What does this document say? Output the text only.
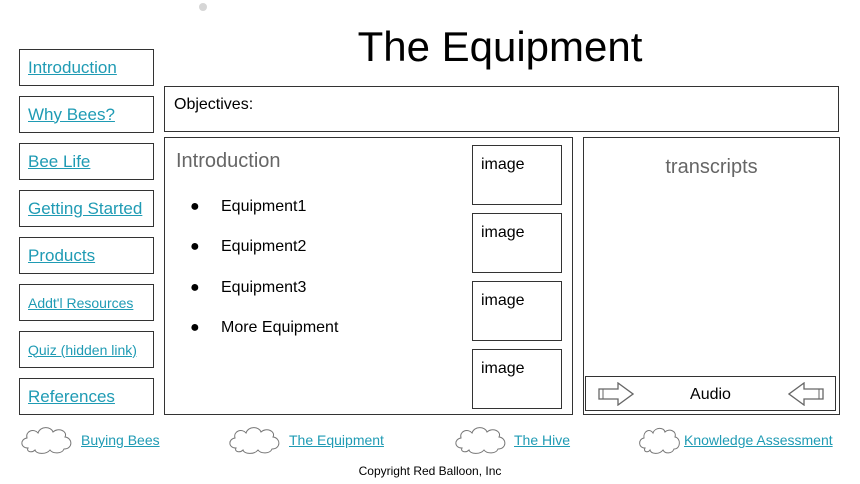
The Equipment
Introduction
Why Bees?
Bee Life
Getting Started
Products
Addt'l Resources
Quiz (hidden link)
References
Objectives:
Introduction
●	Equipment1
●	Equipment2
●	Equipment3
●	More Equipment
image
image
image
image
transcripts
Audio
Buying Bees	The Equipment	The Hive	Knowledge Assessment
Copyright Red Balloon, Inc
